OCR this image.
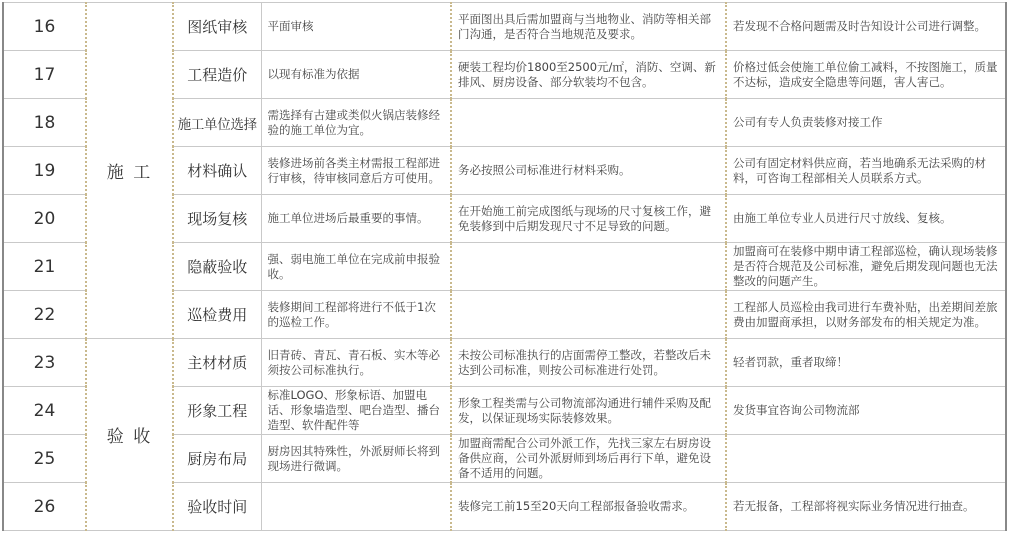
16	施 工	图纸审核	平面审核	平面图出具后需加盟商与当地物业、消防等相关部门沟通，是否符合当地规范及要求。	若发现不合格问题需及时告知设计公司进行调整。
17		工程造价	以现有标准为依据	硬装工程均价1800至2500元/㎡，消防、空调、新排风、厨房设备、部分软装均不包含。	价格过低会使施工单位偷工减料，不按图施工，质量不达标，造成安全隐患等问题，害人害己。
18		施工单位选择	需选择有古建或类似火锅店装修经验的施工单位为宜。		公司有专人负责装修对接工作
19		材料确认	装修进场前各类主材需报工程部进行审核，待审核同意后方可使用。	务必按照公司标准进行材料采购。	公司有固定材料供应商，若当地确系无法采购的材料，可咨询工程部相关人员联系方式。
20		现场复核	施工单位进场后最重要的事情。	在开始施工前完成图纸与现场的尺寸复核工作，避免装修到中后期发现尺寸不足导致的问题。	由施工单位专业人员进行尺寸放线、复核。
21		隐蔽验收	强、弱电施工单位在完成前申报验收。		加盟商可在装修中期申请工程部巡检，确认现场装修是否符合规范及公司标准，避免后期发现问题也无法整改的问题产生。
22		巡检费用	装修期间工程部将进行不低于1次的巡检工作。		工程部人员巡检由我司进行车费补贴，出差期间差旅费由加盟商承担，以财务部发布的相关规定为准。
23	验 收	主材材质	旧青砖、青瓦、青石板、实木等必须按公司标准执行。	未按公司标准执行的店面需停工整改，若整改后未达到公司标准，则按公司标准进行处罚。	轻者罚款，重者取缔！
24		形象工程	标准LOGO、形象标语、加盟电话、形象墙造型、吧台造型、播台造型、软件配件等	形象工程类需与公司物流部沟通进行辅件采购及配发，以保证现场实际装修效果。	发货事宜咨询公司物流部
25		厨房布局	厨房因其特殊性，外派厨师长将到现场进行微调。	加盟商需配合公司外派工作，先找三家左右厨房设备供应商，公司外派厨师到场后再行下单，避免设备不适用的问题。	
26		验收时间		装修完工前15至20天向工程部报备验收需求。	若无报备，工程部将视实际业务情况进行抽查。
